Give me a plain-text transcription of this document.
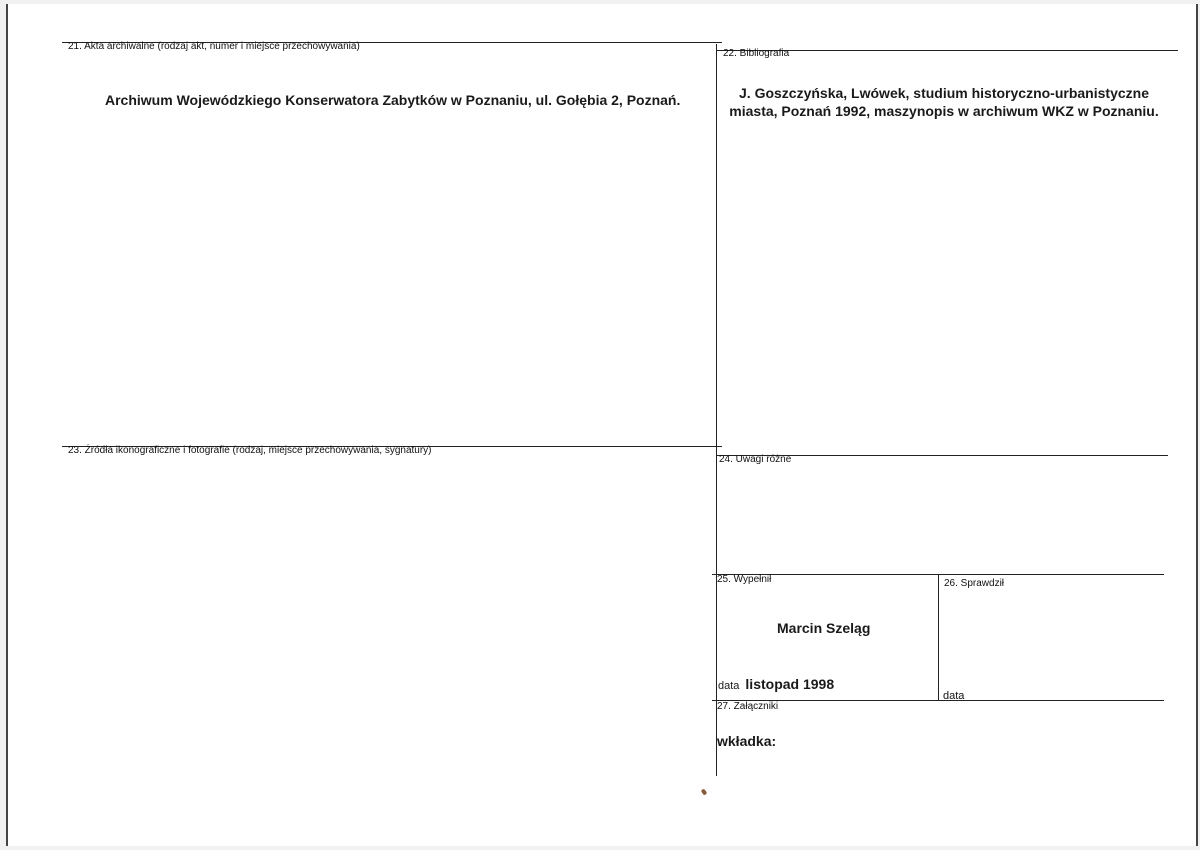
21. Akta archiwalne (rodzaj akt, numer i miejsce przechowywania)
Archiwum Wojewódzkiego Konserwatora Zabytków w Poznaniu, ul. Gołębia 2, Poznań.
22. Bibliografia
J. Goszczyńska, Lwówek, studium historyczno-urbanistyczne
miasta, Poznań 1992, maszynopis w archiwum WKZ w Poznaniu.
23. Źródła ikonograficzne i fotografie (rodzaj, miejsce przechowywania, sygnatury)
24. Uwagi różne
25. Wypełnił
Marcin Szeląg
data listopad 1998
26. Sprawdził
data
27. Załączniki
wkładka:
